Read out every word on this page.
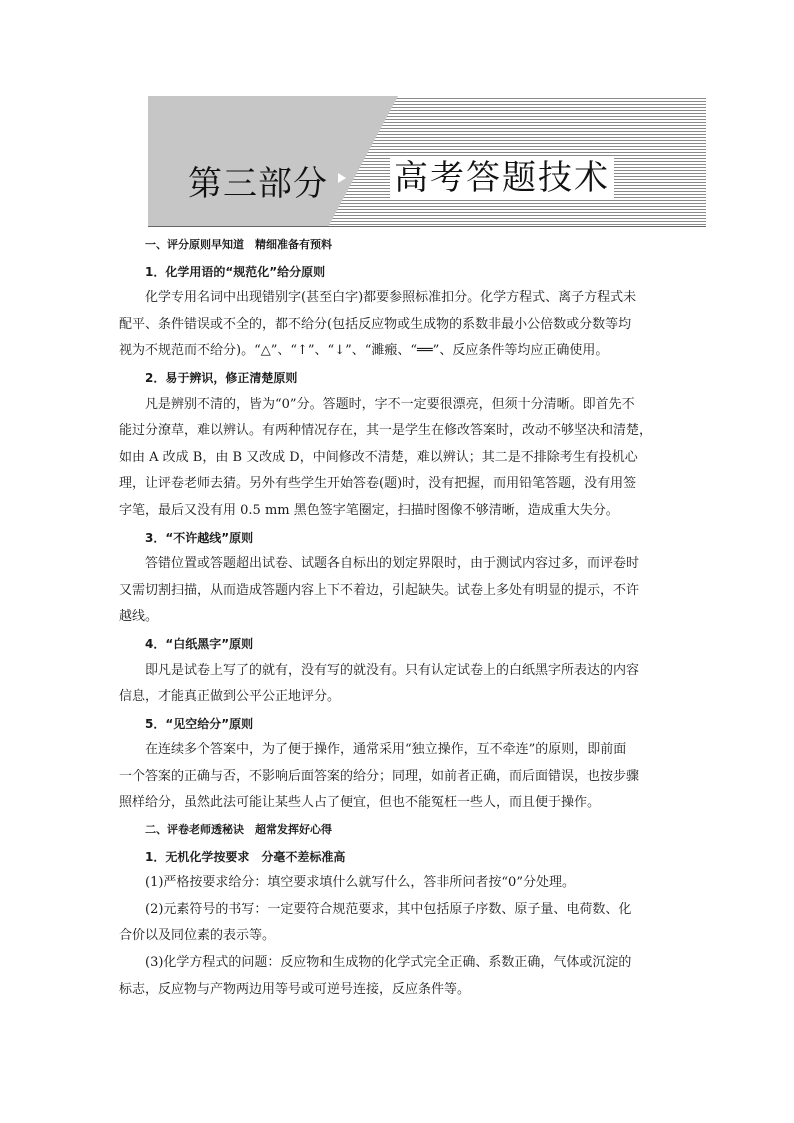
第三部分 高考答题技术
一、评分原则早知道　精细准备有预料
1．化学用语的“规范化”给分原则
化学专用名词中出现错别字(甚至白字)都要参照标准扣分。化学方程式、离子方程式未
配平、条件错误或不全的，都不给分(包括反应物或生成物的系数非最小公倍数或分数等均
视为不规范而不给分)。“△”、“↑”、“↓”、“濉瘢、“══”、反应条件等均应正确使用。
2．易于辨识，修正清楚原则
凡是辨别不清的，皆为“0”分。答题时，字不一定要很漂亮，但须十分清晰。即首先不
能过分潦草，难以辨认。有两种情况存在，其一是学生在修改答案时，改动不够坚决和清楚，
如由 A 改成 B，由 B 又改成 D，中间修改不清楚，难以辨认；其二是不排除考生有投机心
理，让评卷老师去猜。另外有些学生开始答卷(题)时，没有把握，而用铅笔答题，没有用签
字笔，最后又没有用 0.5 mm 黑色签字笔圈定，扫描时图像不够清晰，造成重大失分。
3．“不许越线”原则
答错位置或答题超出试卷、试题各自标出的划定界限时，由于测试内容过多，而评卷时
又需切割扫描，从而造成答题内容上下不着边，引起缺失。试卷上多处有明显的提示，不许
越线。
4．“白纸黑字”原则
即凡是试卷上写了的就有，没有写的就没有。只有认定试卷上的白纸黑字所表达的内容
信息，才能真正做到公平公正地评分。
5．“见空给分”原则
在连续多个答案中，为了便于操作，通常采用“独立操作，互不牵连”的原则，即前面
一个答案的正确与否，不影响后面答案的给分；同理，如前者正确，而后面错误，也按步骤
照样给分，虽然此法可能让某些人占了便宜，但也不能冤枉一些人，而且便于操作。
二、评卷老师透秘诀　超常发挥好心得
1．无机化学按要求　分毫不差标准高
(1)严格按要求给分：填空要求填什么就写什么，答非所问者按“0”分处理。
(2)元素符号的书写：一定要符合规范要求，其中包括原子序数、原子量、电荷数、化
合价以及同位素的表示等。
(3)化学方程式的问题：反应物和生成物的化学式完全正确、系数正确，气体或沉淀的
标志，反应物与产物两边用等号或可逆号连接，反应条件等。
